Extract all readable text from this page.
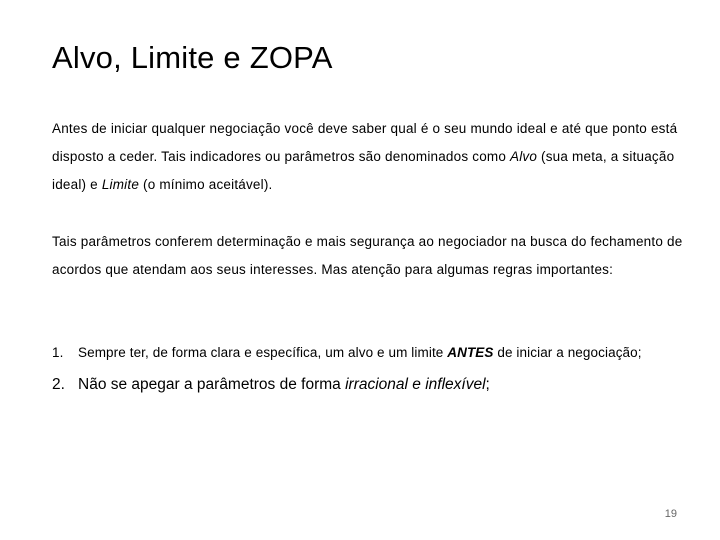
Alvo, Limite e ZOPA

Antes de iniciar qualquer negociação você deve saber qual é o seu mundo ideal e até que ponto está disposto a ceder. Tais indicadores ou parâmetros são denominados como Alvo (sua meta, a situação ideal) e Limite (o mínimo aceitável).

Tais parâmetros conferem determinação e mais segurança ao negociador na busca do fechamento de acordos que atendam aos seus interesses. Mas atenção para algumas regras importantes:

1. Sempre ter, de forma clara e específica, um alvo e um limite ANTES de iniciar a negociação;
2. Não se apegar a parâmetros de forma irracional e inflexível;
19
